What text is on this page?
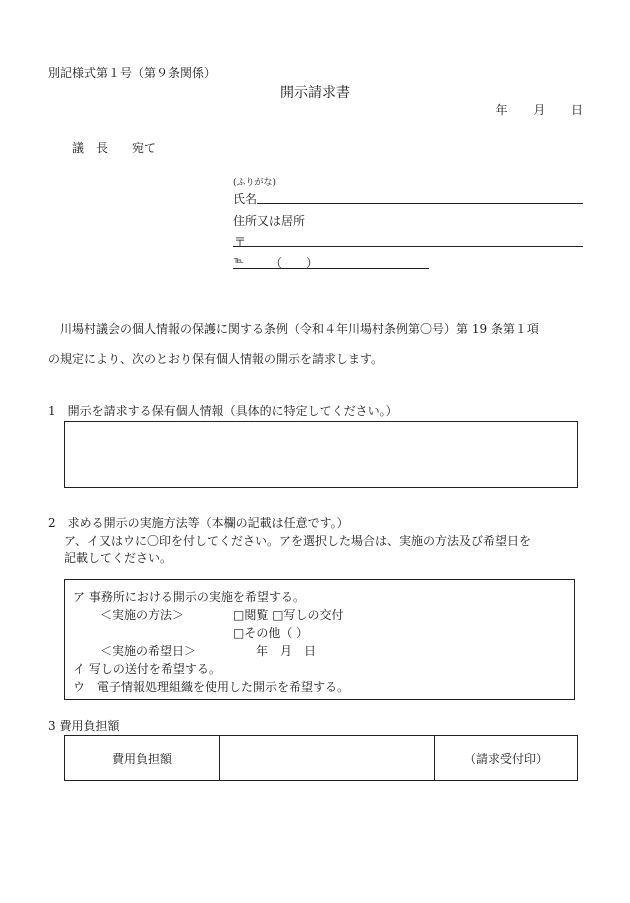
別記様式第１号（第９条関係）
開示請求書
年 月 日
議　長　　宛て
(ふりがな)
氏名
住所又は居所
〒
℡ （　　）
川場村議会の個人情報の保護に関する条例（令和４年川場村条例第〇号）第 19 条第１項
の規定により、次のとおり保有個人情報の開示を請求します。
1　開示を請求する保有個人情報（具体的に特定してください。）
2　求める開示の実施方法等（本欄の記載は任意です。）
ア、イ又はウに〇印を付してください。アを選択した場合は、実施の方法及び希望日を
記載してください。
ア 事務所における開示の実施を希望する。
＜実施の方法＞	□閲覧 □写しの交付
□その他（ ）
＜実施の希望日＞	年　月　日
イ 写しの送付を希望する。
ウ　電子情報処理組織を使用した開示を希望する。
3 費用負担額
費用負担額	（請求受付印）
